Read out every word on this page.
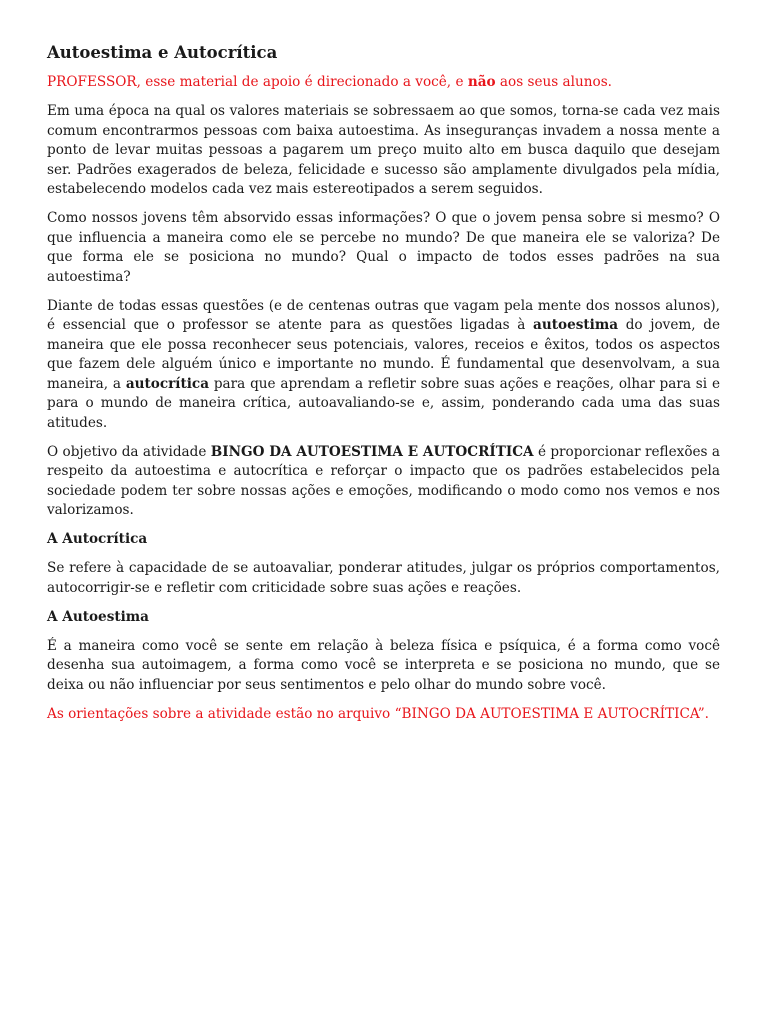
Autoestima e Autocrítica

PROFESSOR, esse material de apoio é direcionado a você, e não aos seus alunos.

Em uma época na qual os valores materiais se sobressaem ao que somos, torna-se cada vez mais comum encontrarmos pessoas com baixa autoestima. As inseguranças invadem a nossa mente a ponto de levar muitas pessoas a pagarem um preço muito alto em busca daquilo que desejam ser. Padrões exagerados de beleza, felicidade e sucesso são amplamente divulgados pela mídia, estabelecendo modelos cada vez mais estereotipados a serem seguidos.

Como nossos jovens têm absorvido essas informações? O que o jovem pensa sobre si mesmo? O que influencia a maneira como ele se percebe no mundo? De que maneira ele se valoriza? De que forma ele se posiciona no mundo? Qual o impacto de todos esses padrões na sua autoestima?

Diante de todas essas questões (e de centenas outras que vagam pela mente dos nossos alunos), é essencial que o professor se atente para as questões ligadas à autoestima do jovem, de maneira que ele possa reconhecer seus potenciais, valores, receios e êxitos, todos os aspectos que fazem dele alguém único e importante no mundo. É fundamental que desenvolvam, a sua maneira, a autocrítica para que aprendam a refletir sobre suas ações e reações, olhar para si e para o mundo de maneira crítica, autoavaliando-se e, assim, ponderando cada uma das suas atitudes.

O objetivo da atividade BINGO DA AUTOESTIMA E AUTOCRÍTICA é proporcionar reflexões a respeito da autoestima e autocrítica e reforçar o impacto que os padrões estabelecidos pela sociedade podem ter sobre nossas ações e emoções, modificando o modo como nos vemos e nos valorizamos.

A Autocrítica

Se refere à capacidade de se autoavaliar, ponderar atitudes, julgar os próprios comportamentos, autocorrigir-se e refletir com criticidade sobre suas ações e reações.

A Autoestima

É a maneira como você se sente em relação à beleza física e psíquica, é a forma como você desenha sua autoimagem, a forma como você se interpreta e se posiciona no mundo, que se deixa ou não influenciar por seus sentimentos e pelo olhar do mundo sobre você.

As orientações sobre a atividade estão no arquivo “BINGO DA AUTOESTIMA E AUTOCRÍTICA”.
